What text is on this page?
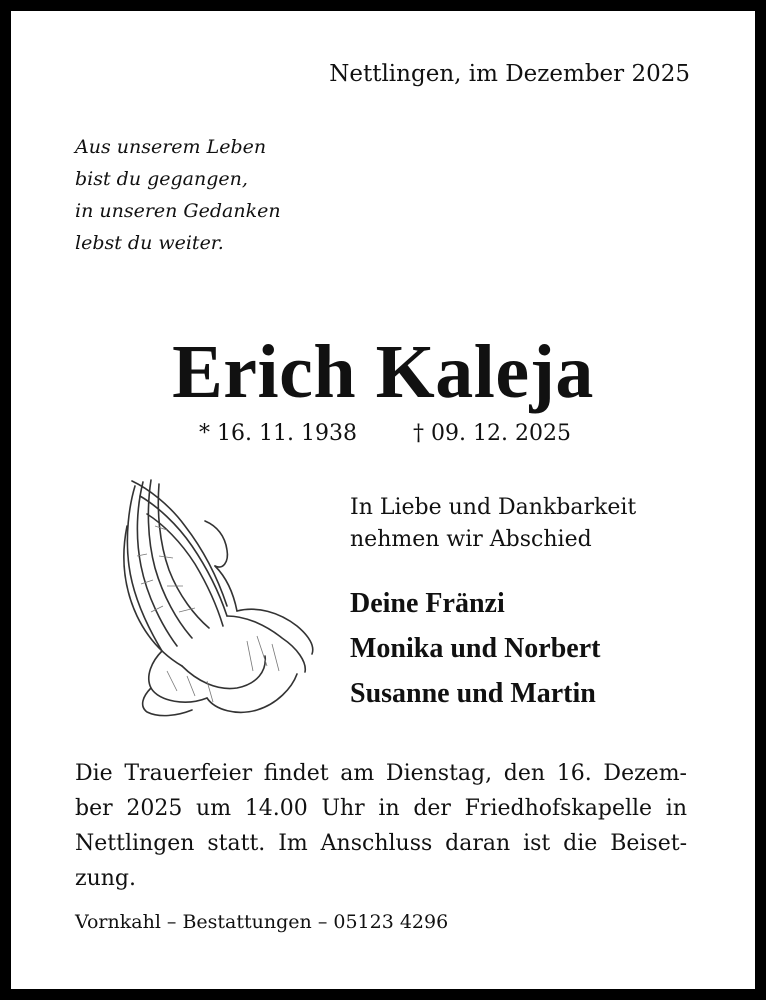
Nettlingen, im Dezember 2025
Aus unserem Leben
bist du gegangen,
in unseren Gedanken
lebst du weiter.
Erich Kaleja
* 16. 11. 1938	† 09. 12. 2025
In Liebe und Dankbarkeit
nehmen wir Abschied
Deine Fränzi
Monika und Norbert
Susanne und Martin
Die Trauerfeier findet am Dienstag, den 16. Dezem-
ber 2025 um 14.00 Uhr in der Friedhofskapelle in
Nettlingen statt. Im Anschluss daran ist die Beiset-
zung.
Vornkahl – Bestattungen – 05123 4296
